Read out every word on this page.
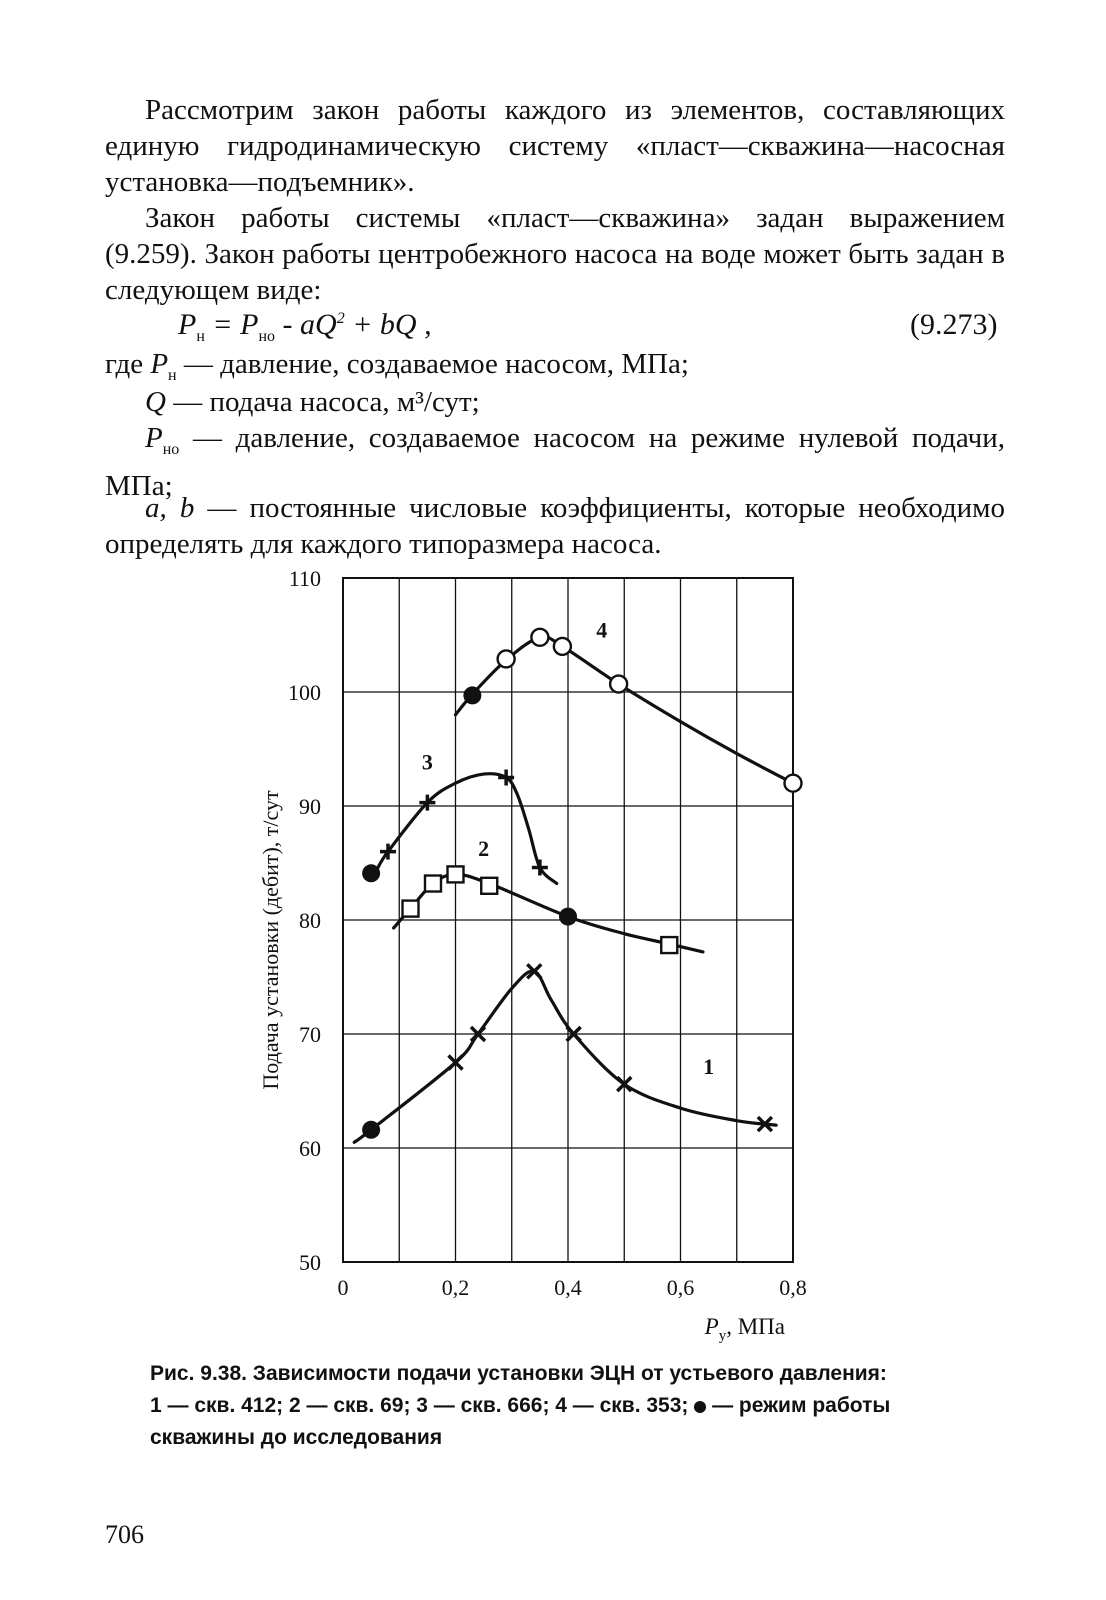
Рассмотрим закон работы каждого из элементов, составляющих единую гидродинамическую систему «пласт—скважина—насосная установка—подъемник».

Закон работы системы «пласт—скважина» задан выражением (9.259). Закон работы центробежного насоса на воде может быть задан в следующем виде:

$P_н = P_{но} - aQ^2$ + bQ ,	(9.273)

где $P_н$ — давление, создаваемое насосом, МПа;

Q — подача насоса, м³/сут;

$P_{но}$ — давление, создаваемое насосом на режиме нулевой подачи, МПа;

a, b — постоянные числовые коэффициенты, которые необходимо определять для каждого типоразмера насоса.

50
60
70
80
90
100
110
0	0,2	0,4	0,6	0,8
Подача установки (дебит), т/сут
$P_у$, МПа
1
2
3
4
Рис. 9.38. Зависимости подачи установки ЭЦН от устьевого давления:
1 — скв. 412; 2 — скв. 69; 3 — скв. 666; 4 — скв. 353;  — режим работы скважины до исследования
706
